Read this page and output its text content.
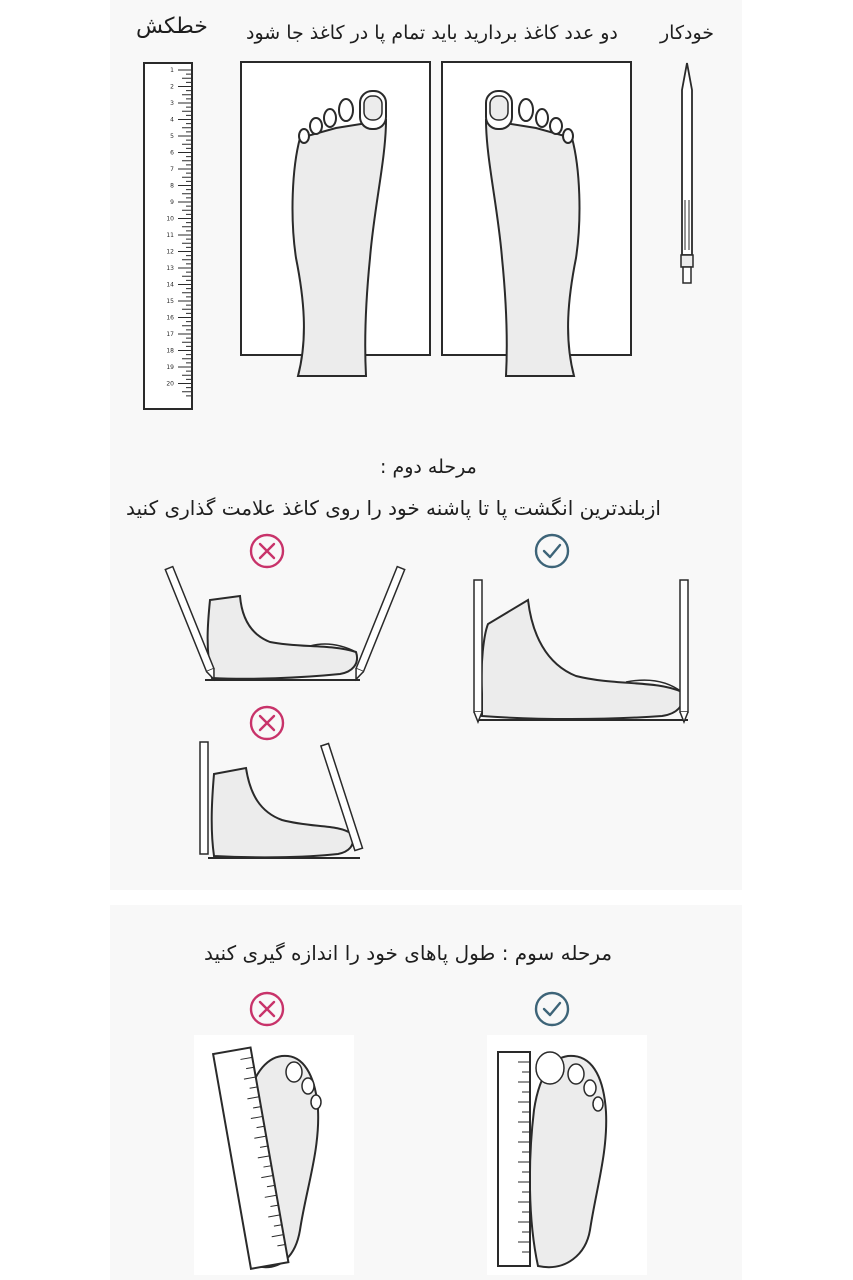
خطکش دو عدد کاغذ بردارید باید تمام پا در کاغذ جا شود خودکار
1
2
3
4
5
6
7
8
9
10
11
12
13
14
15
16
17
18
19
20
مرحله دوم :
ازبلندترین انگشت پا تا پاشنه خود را روی کاغذ علامت گذاری کنید
مرحله سوم : طول پاهای خود را اندازه گیری کنید
